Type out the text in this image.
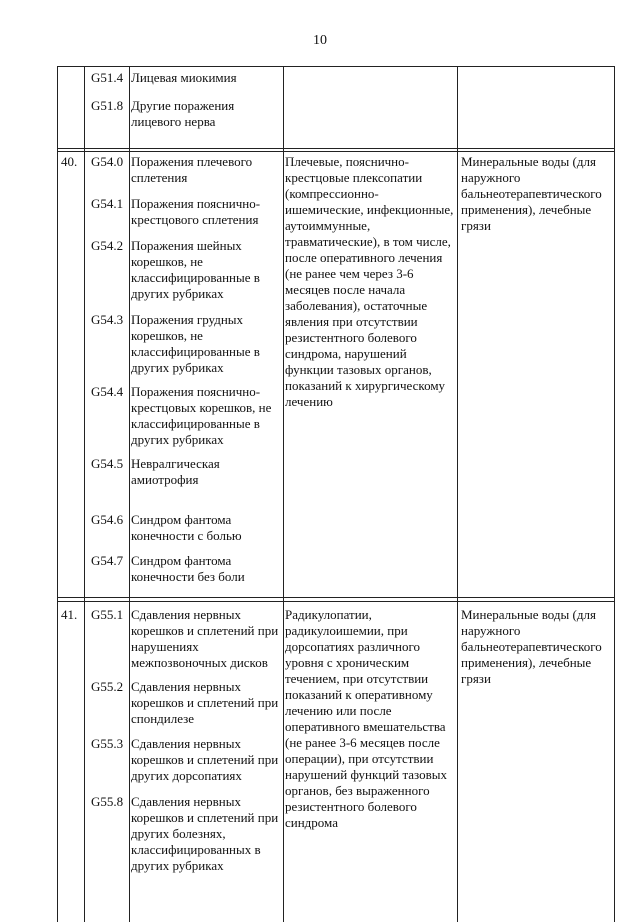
10
G51.4 Лицевая миокимия
G51.8 Другие поражения лицевого нерва
40. G54.0 Поражения плечевого сплетения
G54.1 Поражения пояснично-крестцового сплетения
G54.2 Поражения шейных корешков, не классифицированные в других рубриках
G54.3 Поражения грудных корешков, не классифицированные в других рубриках
G54.4 Поражения пояснично-крестцовых корешков, не классифицированные в других рубриках
G54.5 Невралгическая амиотрофия
G54.6 Синдром фантома конечности с болью
G54.7 Синдром фантома конечности без боли
Плечевые, пояснично-крестцовые плексопатии (компрессионно-ишемические, инфекционные, аутоиммунные, травматические), в том числе, после оперативного лечения (не ранее чем через 3-6 месяцев после начала заболевания), остаточные явления при отсутствии резистентного болевого синдрома, нарушений функции тазовых органов, показаний к хирургическому лечению
Минеральные воды (для наружного бальнеотерапевтического применения), лечебные грязи
41. G55.1 Сдавления нервных корешков и сплетений при нарушениях межпозвоночных дисков
G55.2 Сдавления нервных корешков и сплетений при спондилезе
G55.3 Сдавления нервных корешков и сплетений при других дорсопатиях
G55.8 Сдавления нервных корешков и сплетений при других болезнях, классифицированных в других рубриках
Радикулопатии, радикулоишемии, при дорсопатиях различного уровня с хроническим течением, при отсутствии показаний к оперативному лечению или после оперативного вмешательства (не ранее 3-6 месяцев после операции), при отсутствии нарушений функций тазовых органов, без выраженного резистентного болевого синдрома
Минеральные воды (для наружного бальнеотерапевтического применения), лечебные грязи
